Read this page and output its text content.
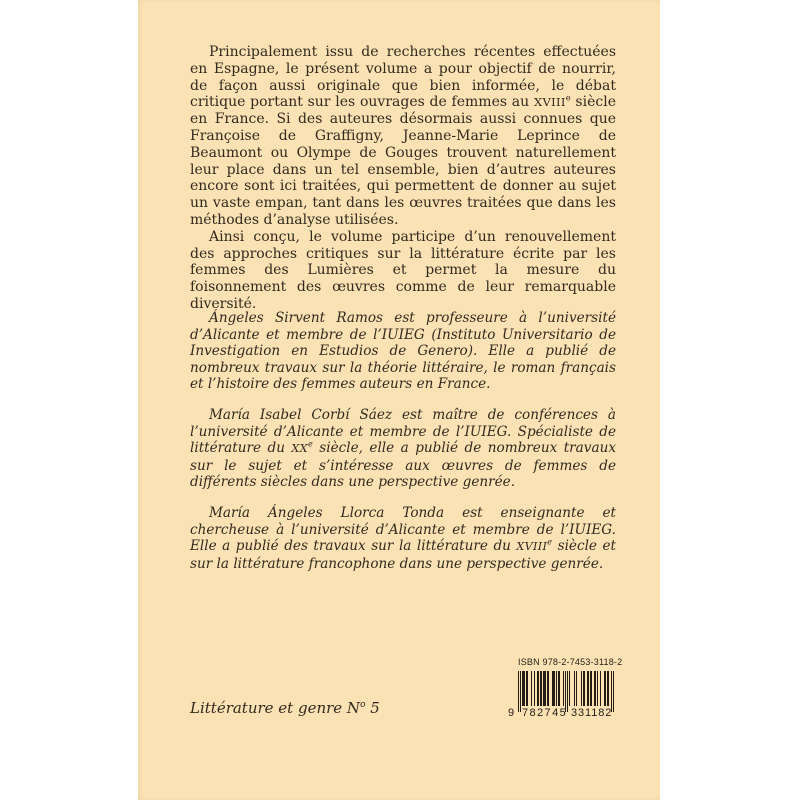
Principalement issu de recherches récentes effectuées en Espagne, le présent volume a pour objectif de nourrir, de façon aussi originale que bien informée, le débat critique portant sur les ouvrages de femmes au XVIIIe siècle en France. Si des auteures désormais aussi connues que Françoise de Graffigny, Jeanne-Marie Leprince de Beaumont ou Olympe de Gouges trouvent naturellement leur place dans un tel ensemble, bien d’autres auteures encore sont ici traitées, qui permettent de donner au sujet un vaste empan, tant dans les œuvres traitées que dans les méthodes d’analyse utilisées.

Ainsi conçu, le volume participe d’un renouvellement des approches critiques sur la littérature écrite par les femmes des Lumières et permet la mesure du foisonnement des œuvres comme de leur remarquable diversité.

Ángeles Sirvent Ramos est professeure à l’université d’Alicante et membre de l’IUIEG (Instituto Universitario de Investigation en Estudios de Genero). Elle a publié de nombreux travaux sur la théorie littéraire, le roman français et l’histoire des femmes auteurs en France.

María Isabel Corbí Sáez est maître de conférences à l’université d’Alicante et membre de l’IUIEG. Spécialiste de littérature du XXe siècle, elle a publié de nombreux travaux sur le sujet et s’intéresse aux œuvres de femmes de différents siècles dans une perspective genrée.

María Ángeles Llorca Tonda est enseignante et chercheuse à l’université d’Alicante et membre de l’IUIEG. Elle a publié des travaux sur la littérature du XVIIIe siècle et sur la littérature francophone dans une perspective genrée.

Littérature et genre $N^o$ 5
ISBN 978-2-7453-3118-2
9 782745 331182
